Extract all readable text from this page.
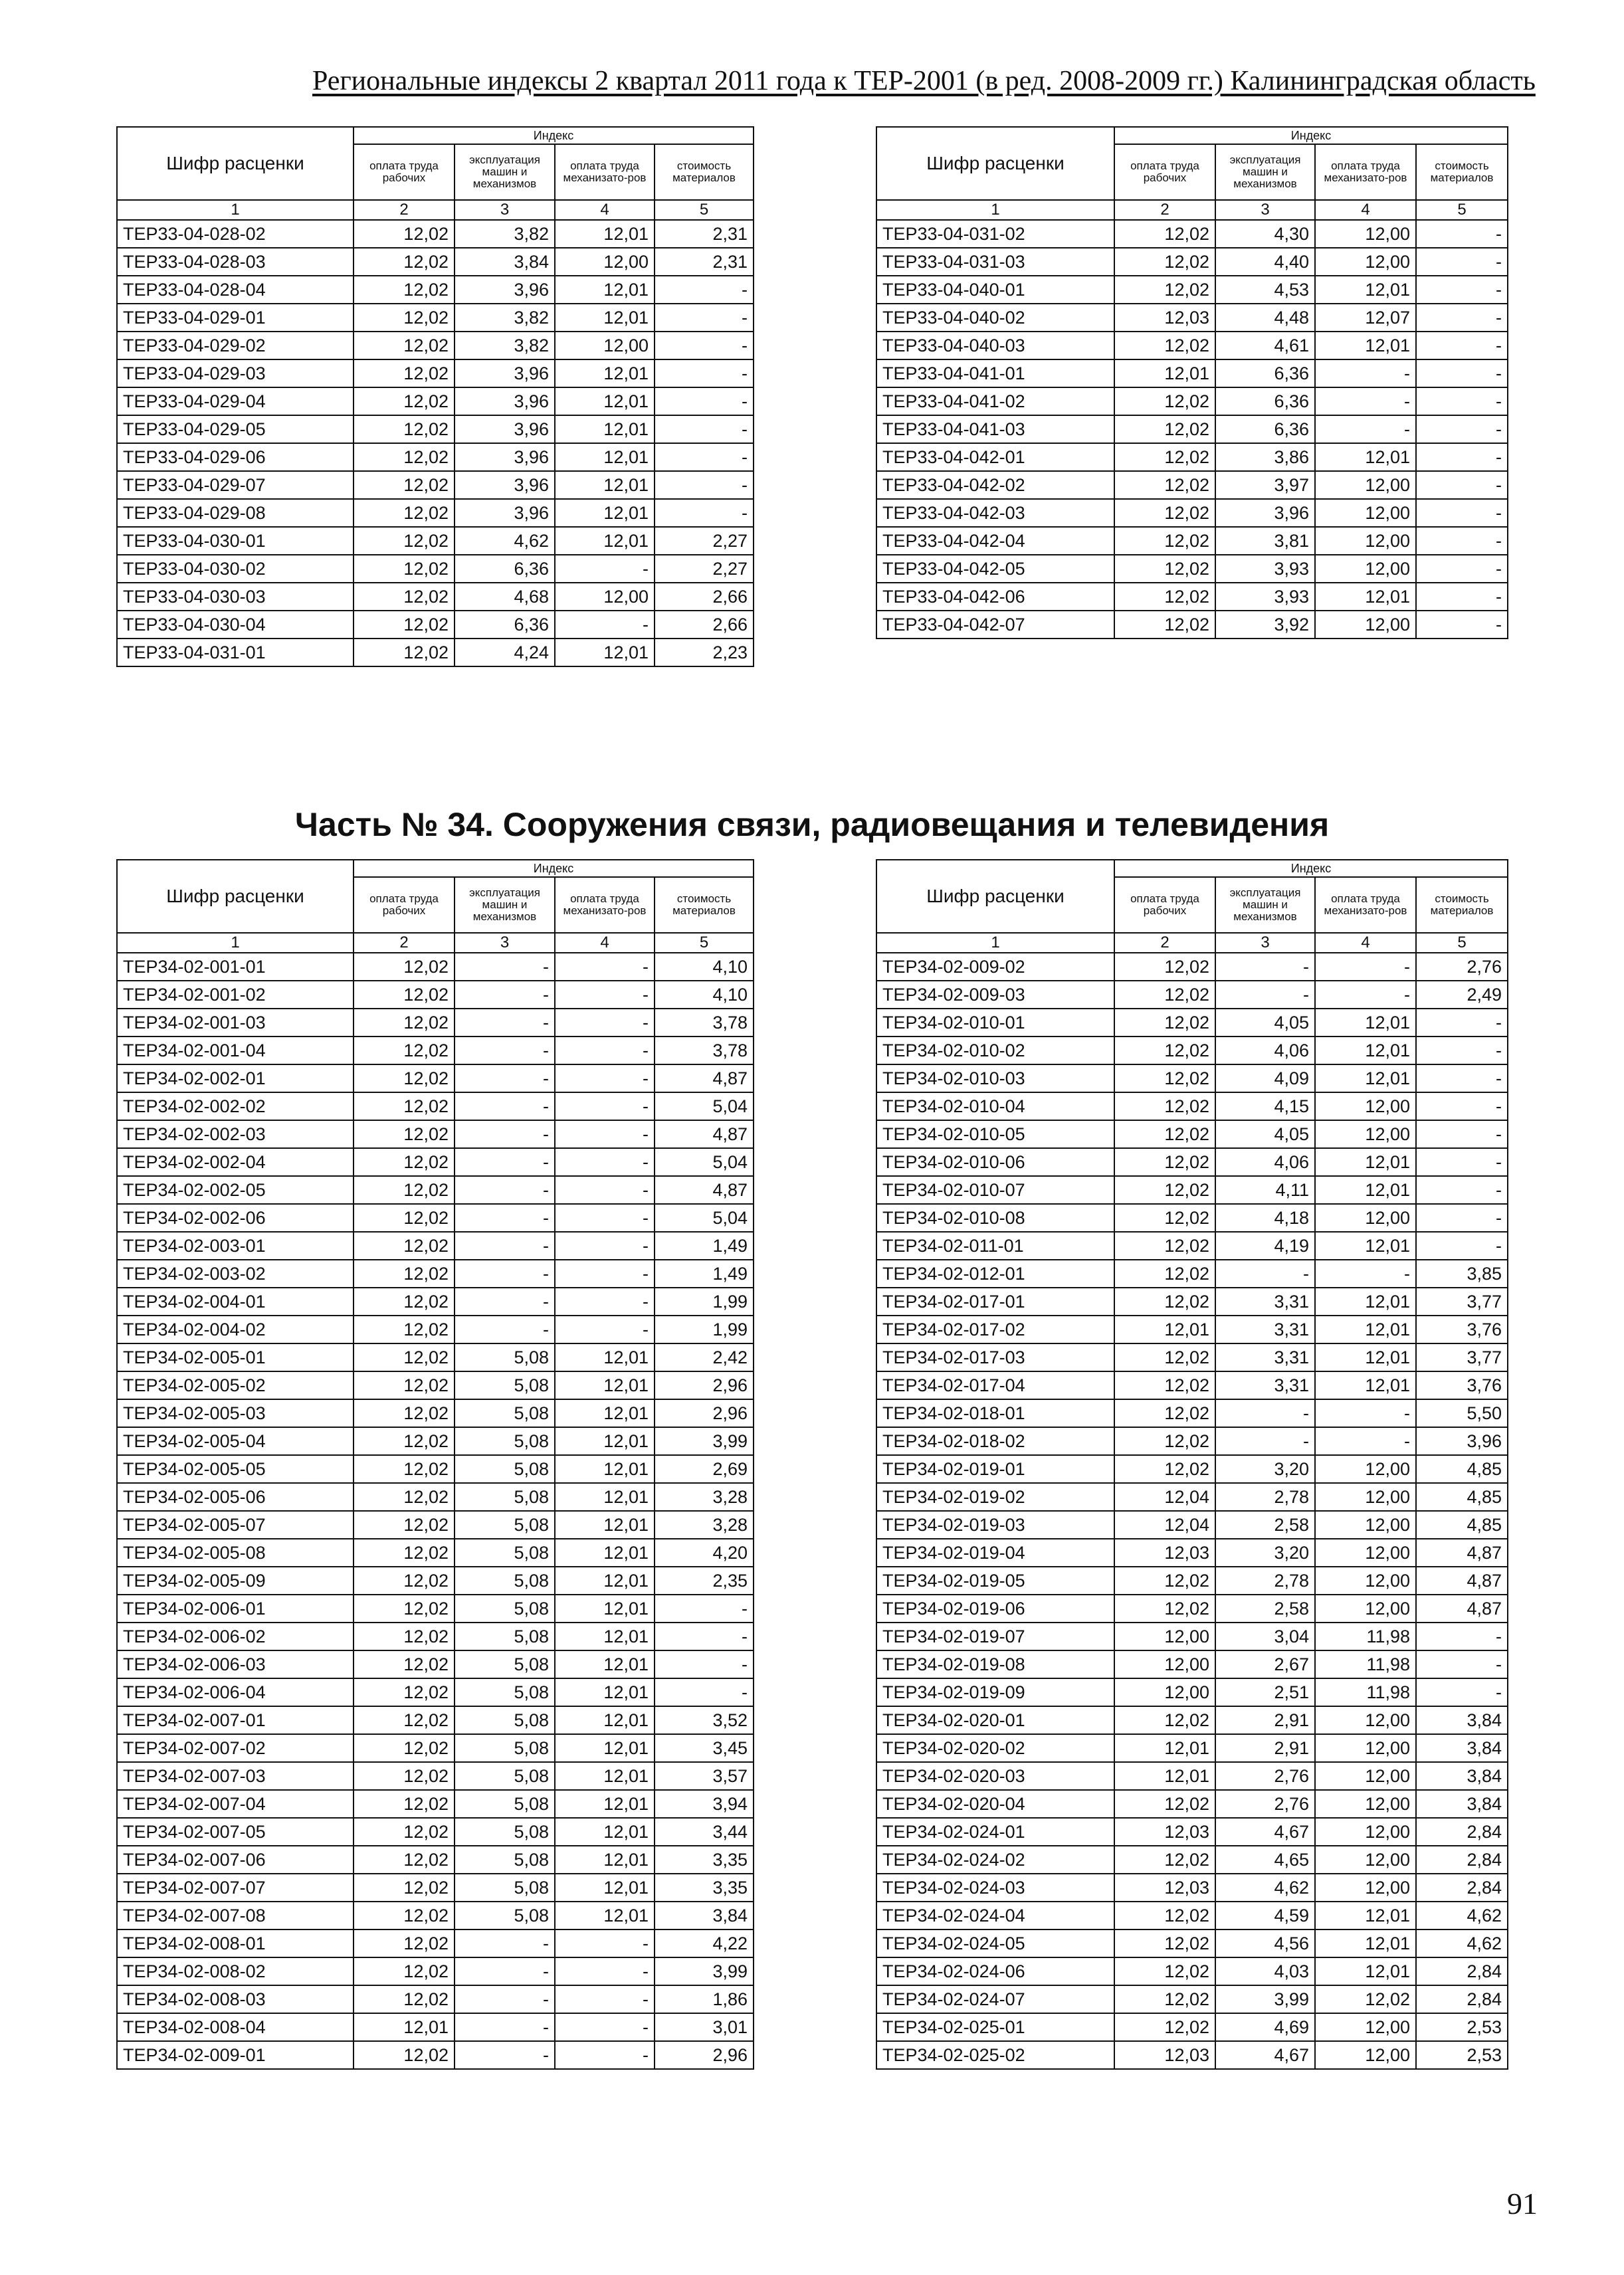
Региональные индексы 2 квартал 2011 года к ТЕР-2001 (в ред. 2008-2009 гг.) Калининградская область
Часть № 34. Сооружения связи, радиовещания и телевидения
91
Шифр расценки	Индекс			
	оплата труда рабочих	эксплуатация машин и механизмов	оплата труда механизато-ров	стоимость материалов
1	2	3	4	5
ТЕР33-04-028-02	12,02	3,82	12,01	2,31
ТЕР33-04-028-03	12,02	3,84	12,00	2,31
ТЕР33-04-028-04	12,02	3,96	12,01	-
ТЕР33-04-029-01	12,02	3,82	12,01	-
ТЕР33-04-029-02	12,02	3,82	12,00	-
ТЕР33-04-029-03	12,02	3,96	12,01	-
ТЕР33-04-029-04	12,02	3,96	12,01	-
ТЕР33-04-029-05	12,02	3,96	12,01	-
ТЕР33-04-029-06	12,02	3,96	12,01	-
ТЕР33-04-029-07	12,02	3,96	12,01	-
ТЕР33-04-029-08	12,02	3,96	12,01	-
ТЕР33-04-030-01	12,02	4,62	12,01	2,27
ТЕР33-04-030-02	12,02	6,36	-	2,27
ТЕР33-04-030-03	12,02	4,68	12,00	2,66
ТЕР33-04-030-04	12,02	6,36	-	2,66
ТЕР33-04-031-01	12,02	4,24	12,01	2,23
Шифр расценки	Индекс			
	оплата труда рабочих	эксплуатация машин и механизмов	оплата труда механизато-ров	стоимость материалов
1	2	3	4	5
ТЕР33-04-031-02	12,02	4,30	12,00	-
ТЕР33-04-031-03	12,02	4,40	12,00	-
ТЕР33-04-040-01	12,02	4,53	12,01	-
ТЕР33-04-040-02	12,03	4,48	12,07	-
ТЕР33-04-040-03	12,02	4,61	12,01	-
ТЕР33-04-041-01	12,01	6,36	-	-
ТЕР33-04-041-02	12,02	6,36	-	-
ТЕР33-04-041-03	12,02	6,36	-	-
ТЕР33-04-042-01	12,02	3,86	12,01	-
ТЕР33-04-042-02	12,02	3,97	12,00	-
ТЕР33-04-042-03	12,02	3,96	12,00	-
ТЕР33-04-042-04	12,02	3,81	12,00	-
ТЕР33-04-042-05	12,02	3,93	12,00	-
ТЕР33-04-042-06	12,02	3,93	12,01	-
ТЕР33-04-042-07	12,02	3,92	12,00	-
Шифр расценки	Индекс			
	оплата труда рабочих	эксплуатация машин и механизмов	оплата труда механизато-ров	стоимость материалов
1	2	3	4	5
ТЕР34-02-001-01	12,02	-	-	4,10
ТЕР34-02-001-02	12,02	-	-	4,10
ТЕР34-02-001-03	12,02	-	-	3,78
ТЕР34-02-001-04	12,02	-	-	3,78
ТЕР34-02-002-01	12,02	-	-	4,87
ТЕР34-02-002-02	12,02	-	-	5,04
ТЕР34-02-002-03	12,02	-	-	4,87
ТЕР34-02-002-04	12,02	-	-	5,04
ТЕР34-02-002-05	12,02	-	-	4,87
ТЕР34-02-002-06	12,02	-	-	5,04
ТЕР34-02-003-01	12,02	-	-	1,49
ТЕР34-02-003-02	12,02	-	-	1,49
ТЕР34-02-004-01	12,02	-	-	1,99
ТЕР34-02-004-02	12,02	-	-	1,99
ТЕР34-02-005-01	12,02	5,08	12,01	2,42
ТЕР34-02-005-02	12,02	5,08	12,01	2,96
ТЕР34-02-005-03	12,02	5,08	12,01	2,96
ТЕР34-02-005-04	12,02	5,08	12,01	3,99
ТЕР34-02-005-05	12,02	5,08	12,01	2,69
ТЕР34-02-005-06	12,02	5,08	12,01	3,28
ТЕР34-02-005-07	12,02	5,08	12,01	3,28
ТЕР34-02-005-08	12,02	5,08	12,01	4,20
ТЕР34-02-005-09	12,02	5,08	12,01	2,35
ТЕР34-02-006-01	12,02	5,08	12,01	-
ТЕР34-02-006-02	12,02	5,08	12,01	-
ТЕР34-02-006-03	12,02	5,08	12,01	-
ТЕР34-02-006-04	12,02	5,08	12,01	-
ТЕР34-02-007-01	12,02	5,08	12,01	3,52
ТЕР34-02-007-02	12,02	5,08	12,01	3,45
ТЕР34-02-007-03	12,02	5,08	12,01	3,57
ТЕР34-02-007-04	12,02	5,08	12,01	3,94
ТЕР34-02-007-05	12,02	5,08	12,01	3,44
ТЕР34-02-007-06	12,02	5,08	12,01	3,35
ТЕР34-02-007-07	12,02	5,08	12,01	3,35
ТЕР34-02-007-08	12,02	5,08	12,01	3,84
ТЕР34-02-008-01	12,02	-	-	4,22
ТЕР34-02-008-02	12,02	-	-	3,99
ТЕР34-02-008-03	12,02	-	-	1,86
ТЕР34-02-008-04	12,01	-	-	3,01
ТЕР34-02-009-01	12,02	-	-	2,96
Шифр расценки	Индекс			
	оплата труда рабочих	эксплуатация машин и механизмов	оплата труда механизато-ров	стоимость материалов
1	2	3	4	5
ТЕР34-02-009-02	12,02	-	-	2,76
ТЕР34-02-009-03	12,02	-	-	2,49
ТЕР34-02-010-01	12,02	4,05	12,01	-
ТЕР34-02-010-02	12,02	4,06	12,01	-
ТЕР34-02-010-03	12,02	4,09	12,01	-
ТЕР34-02-010-04	12,02	4,15	12,00	-
ТЕР34-02-010-05	12,02	4,05	12,00	-
ТЕР34-02-010-06	12,02	4,06	12,01	-
ТЕР34-02-010-07	12,02	4,11	12,01	-
ТЕР34-02-010-08	12,02	4,18	12,00	-
ТЕР34-02-011-01	12,02	4,19	12,01	-
ТЕР34-02-012-01	12,02	-	-	3,85
ТЕР34-02-017-01	12,02	3,31	12,01	3,77
ТЕР34-02-017-02	12,01	3,31	12,01	3,76
ТЕР34-02-017-03	12,02	3,31	12,01	3,77
ТЕР34-02-017-04	12,02	3,31	12,01	3,76
ТЕР34-02-018-01	12,02	-	-	5,50
ТЕР34-02-018-02	12,02	-	-	3,96
ТЕР34-02-019-01	12,02	3,20	12,00	4,85
ТЕР34-02-019-02	12,04	2,78	12,00	4,85
ТЕР34-02-019-03	12,04	2,58	12,00	4,85
ТЕР34-02-019-04	12,03	3,20	12,00	4,87
ТЕР34-02-019-05	12,02	2,78	12,00	4,87
ТЕР34-02-019-06	12,02	2,58	12,00	4,87
ТЕР34-02-019-07	12,00	3,04	11,98	-
ТЕР34-02-019-08	12,00	2,67	11,98	-
ТЕР34-02-019-09	12,00	2,51	11,98	-
ТЕР34-02-020-01	12,02	2,91	12,00	3,84
ТЕР34-02-020-02	12,01	2,91	12,00	3,84
ТЕР34-02-020-03	12,01	2,76	12,00	3,84
ТЕР34-02-020-04	12,02	2,76	12,00	3,84
ТЕР34-02-024-01	12,03	4,67	12,00	2,84
ТЕР34-02-024-02	12,02	4,65	12,00	2,84
ТЕР34-02-024-03	12,03	4,62	12,00	2,84
ТЕР34-02-024-04	12,02	4,59	12,01	4,62
ТЕР34-02-024-05	12,02	4,56	12,01	4,62
ТЕР34-02-024-06	12,02	4,03	12,01	2,84
ТЕР34-02-024-07	12,02	3,99	12,02	2,84
ТЕР34-02-025-01	12,02	4,69	12,00	2,53
ТЕР34-02-025-02	12,03	4,67	12,00	2,53
